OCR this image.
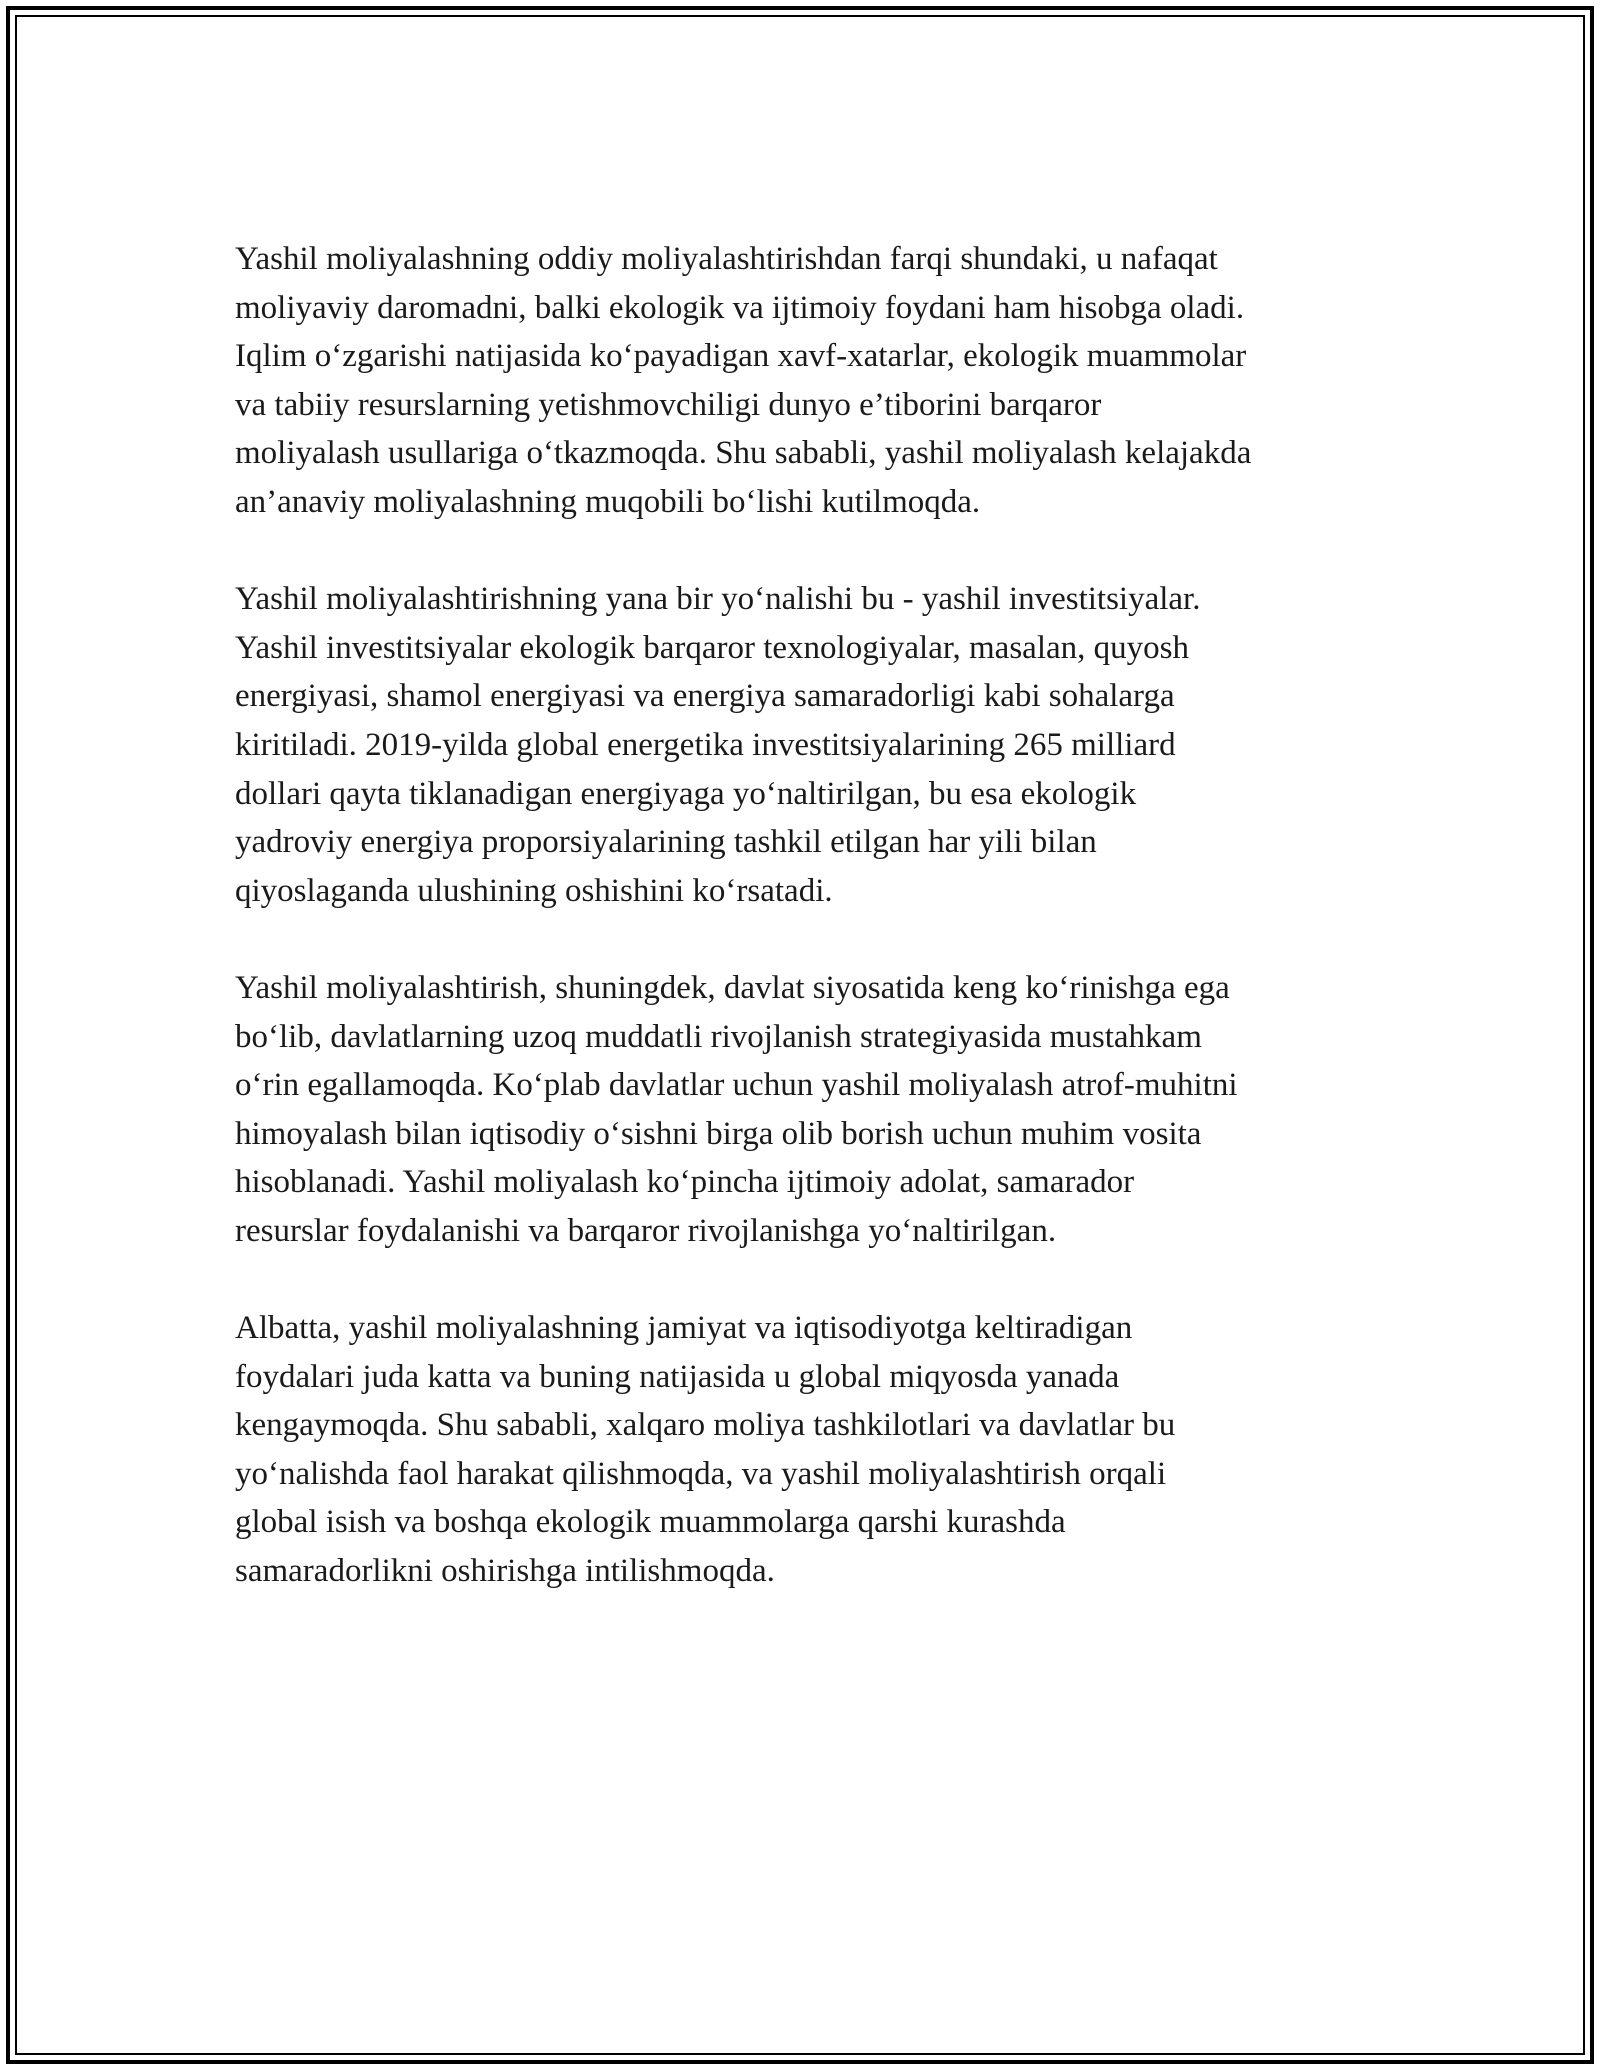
Yashil moliyalashning oddiy moliyalashtirishdan farqi shundaki, u nafaqat
moliyaviy daromadni, balki ekologik va ijtimoiy foydani ham hisobga oladi.
Iqlim o‘zgarishi natijasida ko‘payadigan xavf-xatarlar, ekologik muammolar
va tabiiy resurslarning yetishmovchiligi dunyo e’tiborini barqaror
moliyalash usullariga o‘tkazmoqda. Shu sababli, yashil moliyalash kelajakda
an’anaviy moliyalashning muqobili bo‘lishi kutilmoqda.

Yashil moliyalashtirishning yana bir yo‘nalishi bu - yashil investitsiyalar.
Yashil investitsiyalar ekologik barqaror texnologiyalar, masalan, quyosh
energiyasi, shamol energiyasi va energiya samaradorligi kabi sohalarga
kiritiladi. 2019-yilda global energetika investitsiyalarining 265 milliard
dollari qayta tiklanadigan energiyaga yo‘naltirilgan, bu esa ekologik
yadroviy energiya proporsiyalarining tashkil etilgan har yili bilan
qiyoslaganda ulushining oshishini ko‘rsatadi.

Yashil moliyalashtirish, shuningdek, davlat siyosatida keng ko‘rinishga ega
bo‘lib, davlatlarning uzoq muddatli rivojlanish strategiyasida mustahkam
o‘rin egallamoqda. Ko‘plab davlatlar uchun yashil moliyalash atrof-muhitni
himoyalash bilan iqtisodiy o‘sishni birga olib borish uchun muhim vosita
hisoblanadi. Yashil moliyalash ko‘pincha ijtimoiy adolat, samarador
resurslar foydalanishi va barqaror rivojlanishga yo‘naltirilgan.

Albatta, yashil moliyalashning jamiyat va iqtisodiyotga keltiradigan
foydalari juda katta va buning natijasida u global miqyosda yanada
kengaymoqda. Shu sababli, xalqaro moliya tashkilotlari va davlatlar bu
yo‘nalishda faol harakat qilishmoqda, va yashil moliyalashtirish orqali
global isish va boshqa ekologik muammolarga qarshi kurashda
samaradorlikni oshirishga intilishmoqda.
